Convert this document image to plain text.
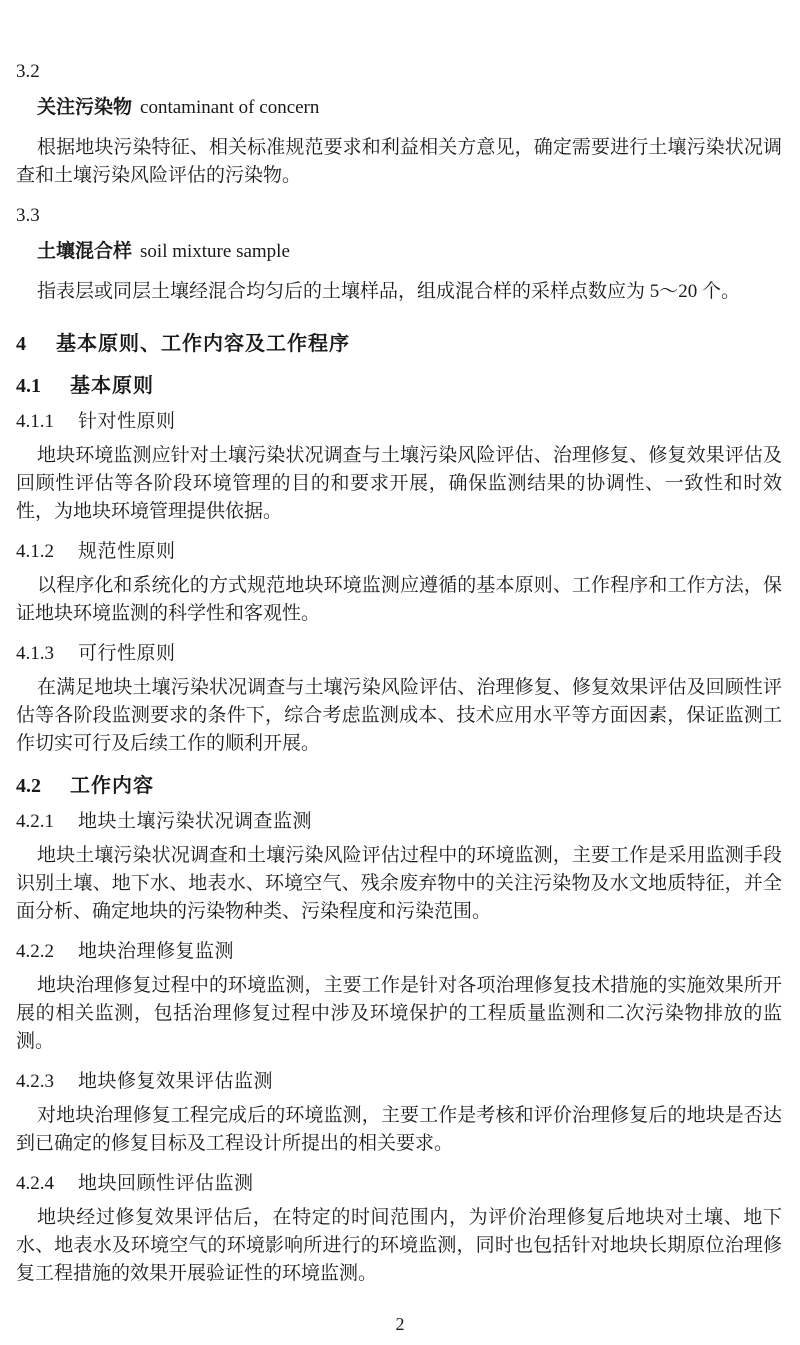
3.2
关注污染物 contaminant of concern
根据地块污染特征、相关标准规范要求和利益相关方意见，确定需要进行土壤污染状况调查和土壤污染风险评估的污染物。
3.3
土壤混合样 soil mixture sample
指表层或同层土壤经混合均匀后的土壤样品，组成混合样的采样点数应为 5～20 个。
4 基本原则、工作内容及工作程序
4.1 基本原则
4.1.1 针对性原则
地块环境监测应针对土壤污染状况调查与土壤污染风险评估、治理修复、修复效果评估及回顾性评估等各阶段环境管理的目的和要求开展，确保监测结果的协调性、一致性和时效性，为地块环境管理提供依据。
4.1.2 规范性原则
以程序化和系统化的方式规范地块环境监测应遵循的基本原则、工作程序和工作方法，保证地块环境监测的科学性和客观性。
4.1.3 可行性原则
在满足地块土壤污染状况调查与土壤污染风险评估、治理修复、修复效果评估及回顾性评估等各阶段监测要求的条件下，综合考虑监测成本、技术应用水平等方面因素，保证监测工作切实可行及后续工作的顺利开展。
4.2 工作内容
4.2.1 地块土壤污染状况调查监测
地块土壤污染状况调查和土壤污染风险评估过程中的环境监测，主要工作是采用监测手段识别土壤、地下水、地表水、环境空气、残余废弃物中的关注污染物及水文地质特征，并全面分析、确定地块的污染物种类、污染程度和污染范围。
4.2.2 地块治理修复监测
地块治理修复过程中的环境监测，主要工作是针对各项治理修复技术措施的实施效果所开展的相关监测，包括治理修复过程中涉及环境保护的工程质量监测和二次污染物排放的监测。
4.2.3 地块修复效果评估监测
对地块治理修复工程完成后的环境监测，主要工作是考核和评价治理修复后的地块是否达到已确定的修复目标及工程设计所提出的相关要求。
4.2.4 地块回顾性评估监测
地块经过修复效果评估后，在特定的时间范围内，为评价治理修复后地块对土壤、地下水、地表水及环境空气的环境影响所进行的环境监测，同时也包括针对地块长期原位治理修复工程措施的效果开展验证性的环境监测。
2
